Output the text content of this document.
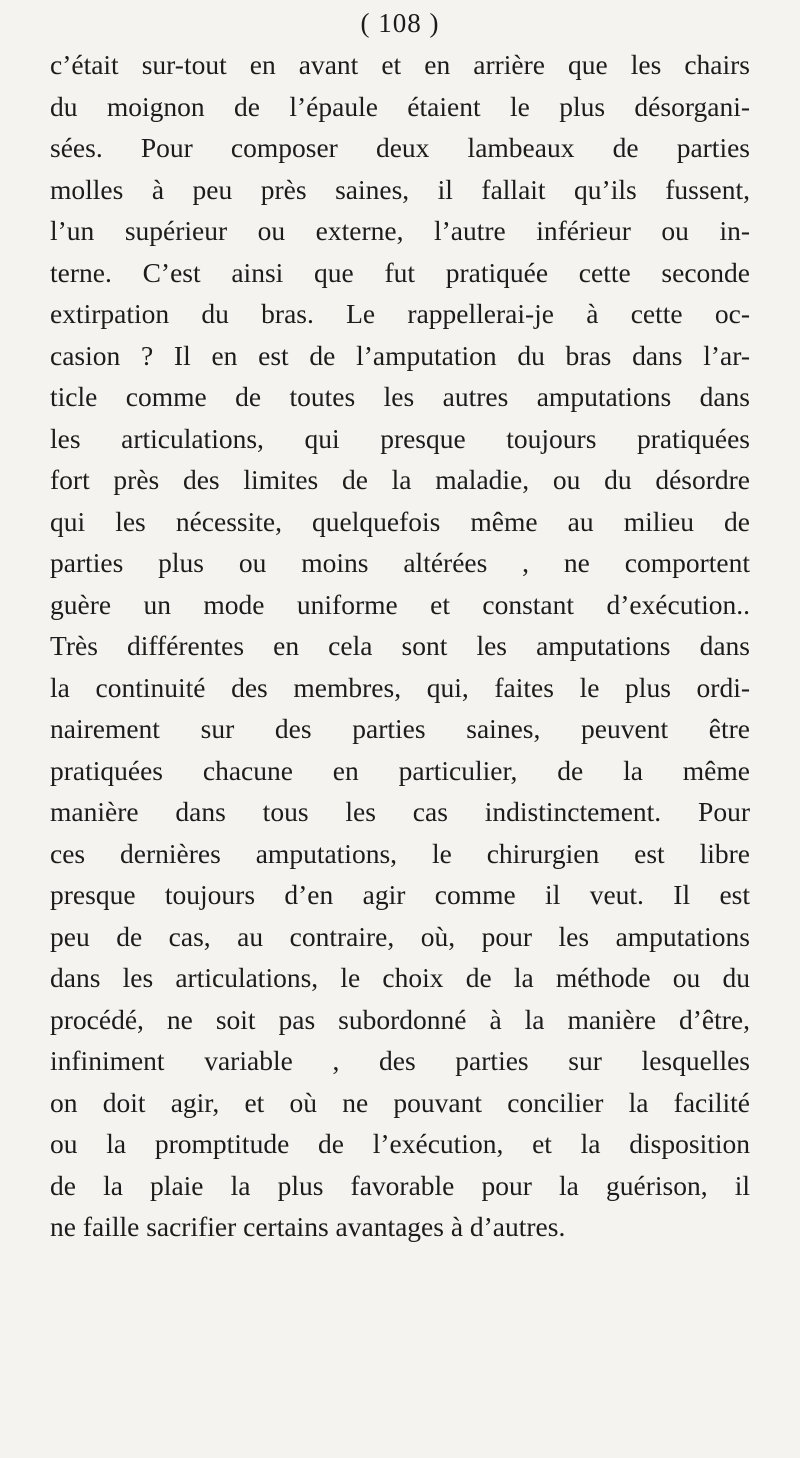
( 108 )
c’était sur-tout en avant et en arrière que les chairs
du moignon de l’épaule étaient le plus désorgani-
sées. Pour composer deux lambeaux de parties
molles à peu près saines, il fallait qu’ils fussent,
l’un supérieur ou externe, l’autre inférieur ou in-
terne. C’est ainsi que fut pratiquée cette seconde
extirpation du bras. Le rappellerai-je à cette oc-
casion ? Il en est de l’amputation du bras dans l’ar-
ticle comme de toutes les autres amputations dans
les articulations, qui presque toujours pratiquées
fort près des limites de la maladie, ou du désordre
qui les nécessite, quelquefois même au milieu de
parties plus ou moins altérées , ne comportent
guère un mode uniforme et constant d’exécution..
Très différentes en cela sont les amputations dans
la continuité des membres, qui, faites le plus ordi-
nairement sur des parties saines, peuvent être
pratiquées chacune en particulier, de la même
manière dans tous les cas indistinctement. Pour
ces dernières amputations, le chirurgien est libre
presque toujours d’en agir comme il veut. Il est
peu de cas, au contraire, où, pour les amputations
dans les articulations, le choix de la méthode ou du
procédé, ne soit pas subordonné à la manière d’être,
infiniment variable , des parties sur lesquelles
on doit agir, et où ne pouvant concilier la facilité
ou la promptitude de l’exécution, et la disposition
de la plaie la plus favorable pour la guérison, il
ne faille sacrifier certains avantages à d’autres.
